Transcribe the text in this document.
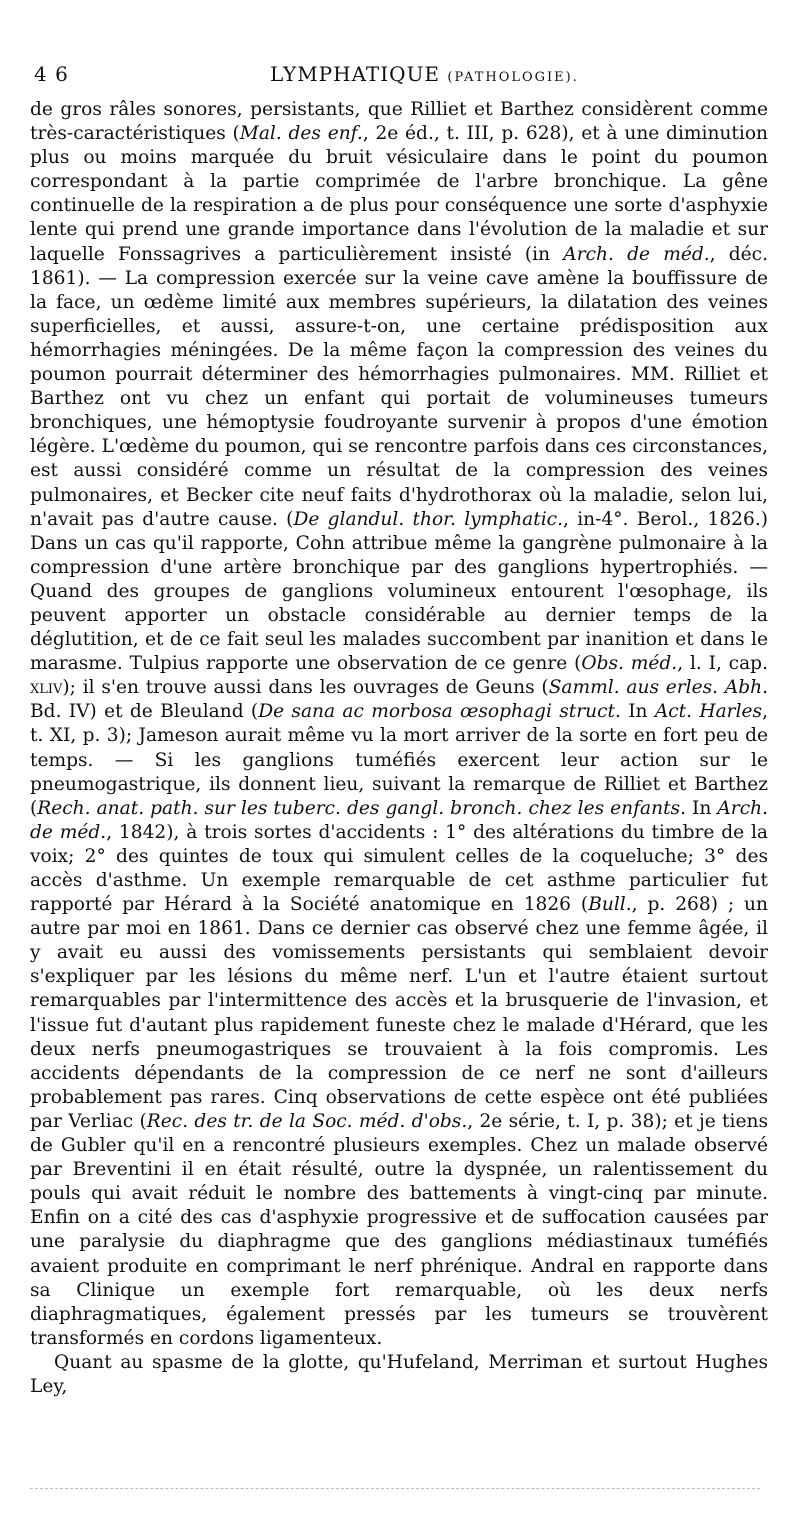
4 6	LYMPHATIQUE (PATHOLOGIE).

de gros râles sonores, persistants, que Rilliet et Barthez considèrent comme très-caractéristiques (Mal. des enf., 2e éd., t. III, p. 628), et à une diminution plus ou moins marquée du bruit vésiculaire dans le point du poumon correspondant à la partie comprimée de l'arbre bronchique. La gêne continuelle de la respiration a de plus pour conséquence une sorte d'asphyxie lente qui prend une grande importance dans l'évolution de la maladie et sur laquelle Fonssagrives a particulièrement insisté (in Arch. de méd., déc. 1861). — La compression exercée sur la veine cave amène la bouffissure de la face, un œdème limité aux membres supérieurs, la dilatation des veines superficielles, et aussi, assure-t-on, une certaine prédisposition aux hémorrhagies méningées. De la même façon la compression des veines du poumon pourrait déterminer des hémorrhagies pulmonaires. MM. Rilliet et Barthez ont vu chez un enfant qui portait de volumineuses tumeurs bronchiques, une hémoptysie foudroyante survenir à propos d'une émotion légère. L'œdème du poumon, qui se rencontre parfois dans ces circonstances, est aussi considéré comme un résultat de la compression des veines pulmonaires, et Becker cite neuf faits d'hydrothorax où la maladie, selon lui, n'avait pas d'autre cause. (De glandul. thor. lymphatic., in-4°. Berol., 1826.) Dans un cas qu'il rapporte, Cohn attribue même la gangrène pulmonaire à la compression d'une artère bronchique par des ganglions hypertrophiés. — Quand des groupes de ganglions volumineux entourent l'œsophage, ils peuvent apporter un obstacle considérable au dernier temps de la déglutition, et de ce fait seul les malades succombent par inanition et dans le marasme. Tulpius rapporte une observation de ce genre (Obs. méd., l. I, cap. xliv); il s'en trouve aussi dans les ouvrages de Geuns (Samml. aus erles. Abh. Bd. IV) et de Bleuland (De sana ac morbosa œsophagi struct. In Act. Harles, t. XI, p. 3); Jameson aurait même vu la mort arriver de la sorte en fort peu de temps. — Si les ganglions tuméfiés exercent leur action sur le pneumogastrique, ils donnent lieu, suivant la remarque de Rilliet et Barthez (Rech. anat. path. sur les tuberc. des gangl. bronch. chez les enfants. In Arch. de méd., 1842), à trois sortes d'accidents : 1° des altérations du timbre de la voix; 2° des quintes de toux qui simulent celles de la coqueluche; 3° des accès d'asthme. Un exemple remarquable de cet asthme particulier fut rapporté par Hérard à la Société anatomique en 1826 (Bull., p. 268) ; un autre par moi en 1861. Dans ce dernier cas observé chez une femme âgée, il y avait eu aussi des vomissements persistants qui semblaient devoir s'expliquer par les lésions du même nerf. L'un et l'autre étaient surtout remarquables par l'intermittence des accès et la brusquerie de l'invasion, et l'issue fut d'autant plus rapidement funeste chez le malade d'Hérard, que les deux nerfs pneumogastriques se trouvaient à la fois compromis. Les accidents dépendants de la compression de ce nerf ne sont d'ailleurs probablement pas rares. Cinq observations de cette espèce ont été publiées par Verliac (Rec. des tr. de la Soc. méd. d'obs., 2e série, t. I, p. 38); et je tiens de Gubler qu'il en a rencontré plusieurs exemples. Chez un malade observé par Breventini il en était résulté, outre la dyspnée, un ralentissement du pouls qui avait réduit le nombre des battements à vingt-cinq par minute. Enfin on a cité des cas d'asphyxie progressive et de suffocation causées par une paralysie du diaphragme que des ganglions médiastinaux tuméfiés avaient produite en comprimant le nerf phrénique. Andral en rapporte dans sa Clinique un exemple fort remarquable, où les deux nerfs diaphragmatiques, également pressés par les tumeurs se trouvèrent transformés en cordons ligamenteux.

Quant au spasme de la glotte, qu'Hufeland, Merriman et surtout Hughes Ley,
